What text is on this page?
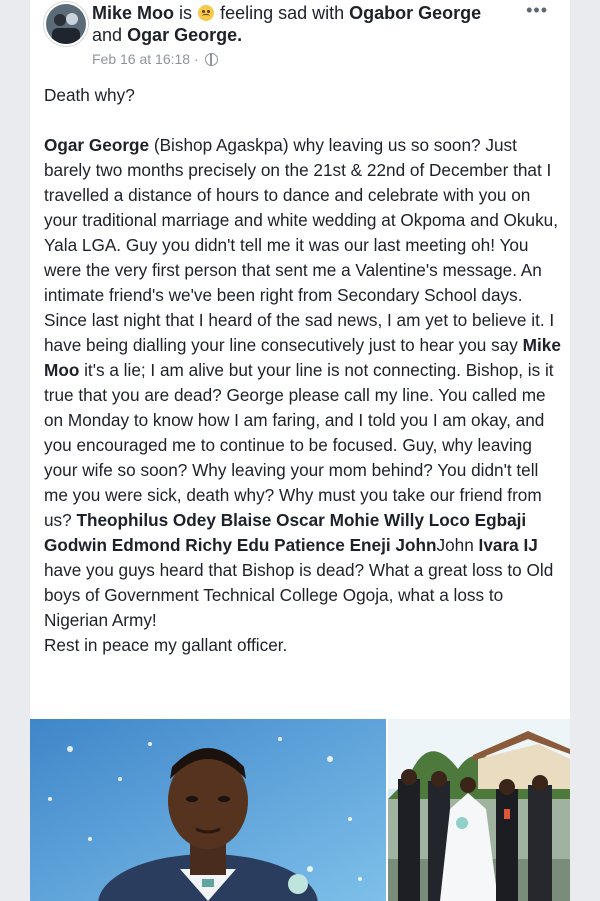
Mike Moo is feeling sad with Ogabor George and Ogar George.
Feb 16 at 16:18 ·
•••

Death why?

Ogar George (Bishop Agaskpa) why leaving us so soon? Just barely two months precisely on the 21st & 22nd of December that I travelled a distance of hours to dance and celebrate with you on your traditional marriage and white wedding at Okpoma and Okuku, Yala LGA. Guy you didn't tell me it was our last meeting oh! You were the very first person that sent me a Valentine's message. An intimate friend's we've been right from Secondary School days. Since last night that I heard of the sad news, I am yet to believe it. I have being dialling your line consecutively just to hear you say Mike Moo it's a lie; I am alive but your line is not connecting. Bishop, is it true that you are dead? George please call my line. You called me on Monday to know how I am faring, and I told you I am okay, and you encouraged me to continue to be focused. Guy, why leaving your wife so soon? Why leaving your mom behind? You didn't tell me you were sick, death why? Why must you take our friend from us? Theophilus Odey Blaise Oscar Mohie Willy Loco Egbaji Godwin Edmond Richy Edu Patience Eneji JohnJohn Ivara IJ have you guys heard that Bishop is dead? What a great loss to Old boys of Government Technical College Ogoja, what a loss to Nigerian Army!

Rest in peace my gallant officer.
